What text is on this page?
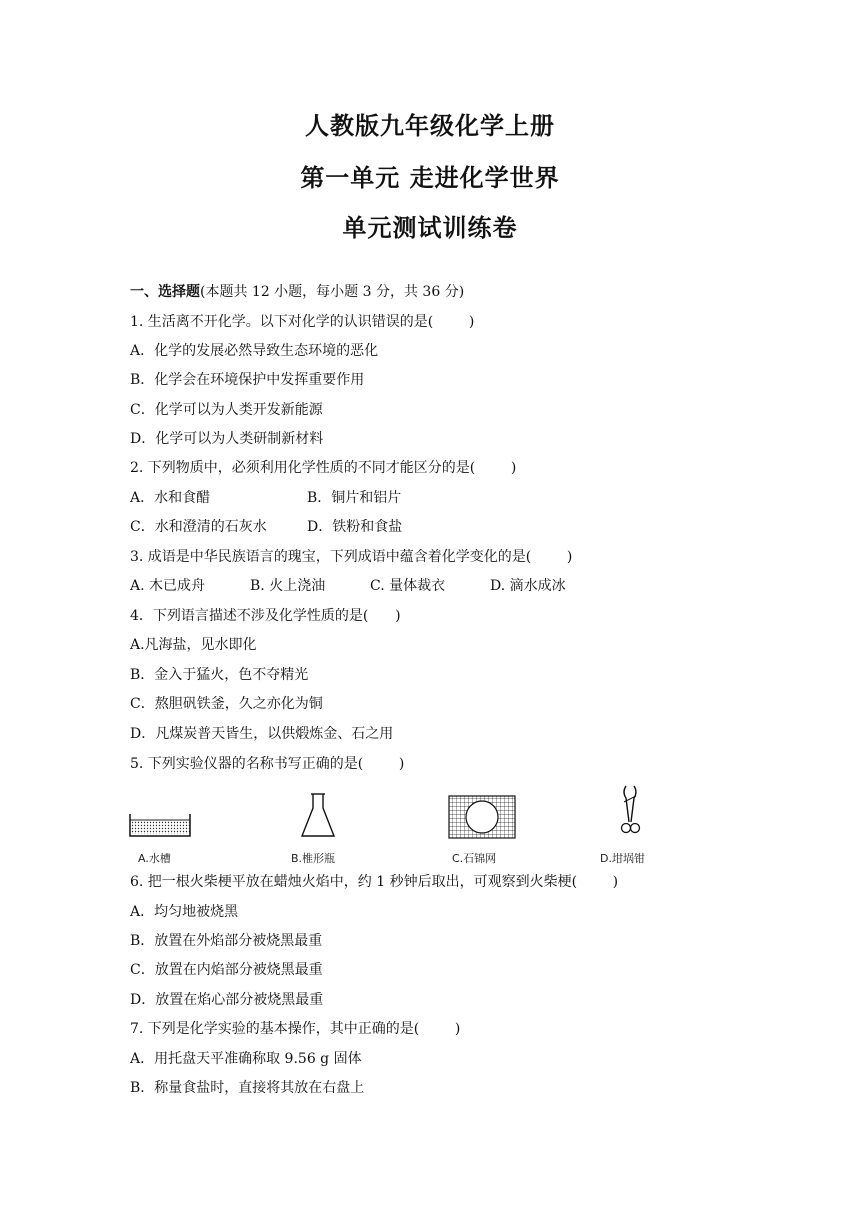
人教版九年级化学上册
第一单元 走进化学世界
单元测试训练卷
一、选择题(本题共 12 小题，每小题 3 分，共 36 分)
1. 生活离不开化学。以下对化学的认识错误的是(        )
A．化学的发展必然导致生态环境的恶化
B．化学会在环境保护中发挥重要作用
C．化学可以为人类开发新能源
D．化学可以为人类研制新材料
2. 下列物质中，必须利用化学性质的不同才能区分的是(        )
A．水和食醋	B．铜片和铝片
C．水和澄清的石灰水	D．铁粉和食盐
3. 成语是中华民族语言的瑰宝，下列成语中蕴含着化学变化的是(        )
A. 木已成舟	B. 火上浇油	C. 量体裁衣	D. 滴水成冰
4．下列语言描述不涉及化学性质的是(      )
A.凡海盐，见水即化
B．金入于猛火，色不夺精光
C．熬胆矾铁釜，久之亦化为铜
D．凡煤炭普天皆生，以供煅炼金、石之用
5. 下列实验仪器的名称书写正确的是(        )
A.水槽	B.椎形瓶	C.石锦网	D.坩埚钳
6. 把一根火柴梗平放在蜡烛火焰中，约 1 秒钟后取出，可观察到火柴梗(        )
A．均匀地被烧黑
B．放置在外焰部分被烧黑最重
C．放置在内焰部分被烧黑最重
D．放置在焰心部分被烧黑最重
7. 下列是化学实验的基本操作，其中正确的是(        )
A．用托盘天平准确称取 9.56 g 固体
B．称量食盐时，直接将其放在右盘上
